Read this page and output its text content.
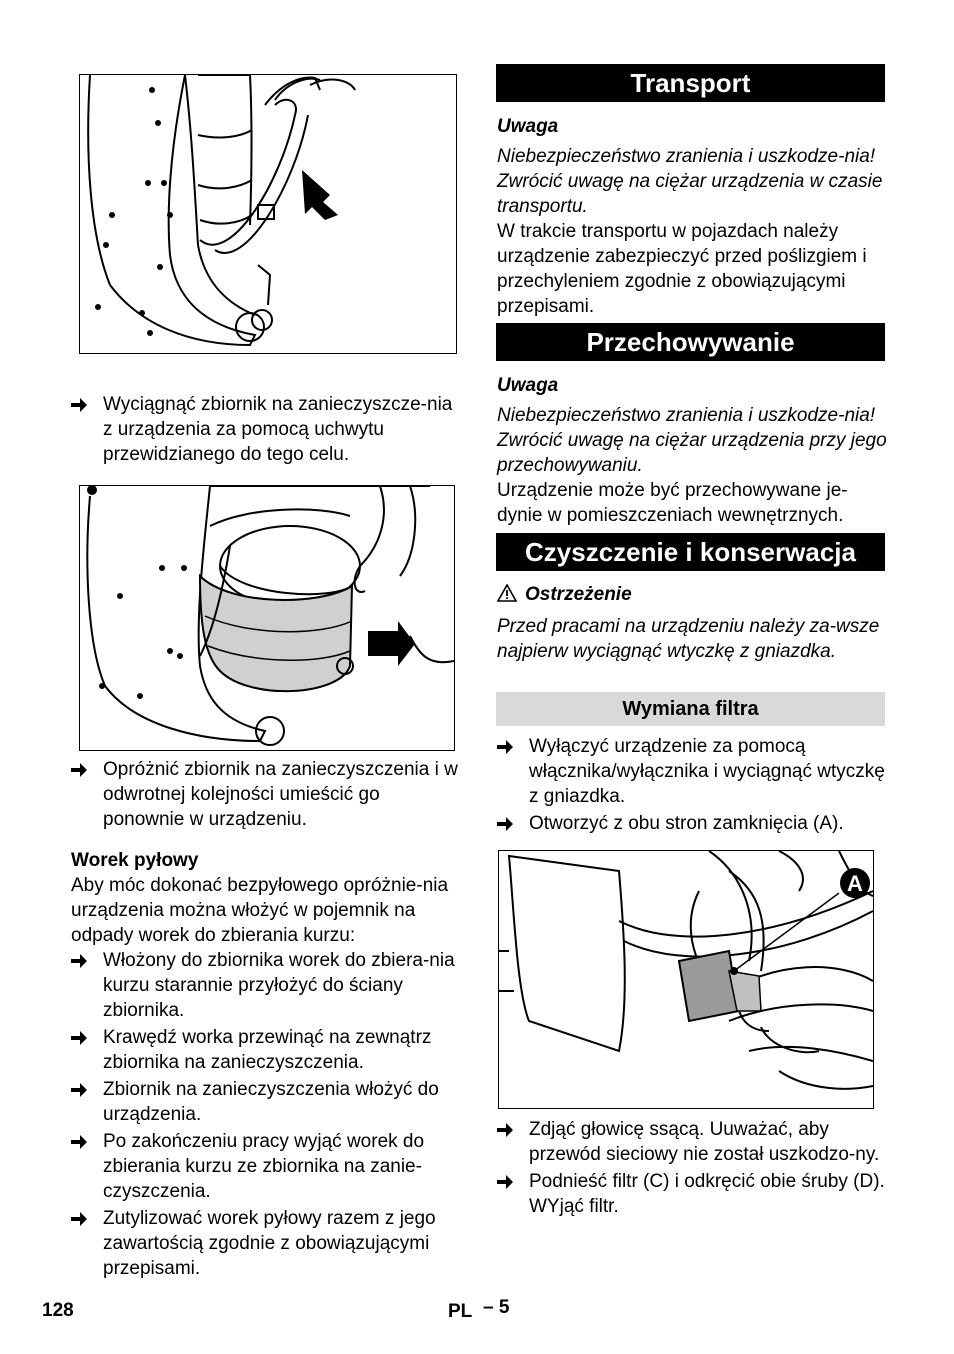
Wyciągnąć zbiornik na zanieczyszcze-nia z urządzenia za pomocą uchwytu przewidzianego do tego celu.
Opróżnić zbiornik na zanieczyszczenia i w odwrotnej kolejności umieścić go ponownie w urządzeniu.

Worek pyłowy

Aby móc dokonać bezpyłowego opróżnie-nia urządzenia można włożyć w pojemnik na odpady worek do zbierania kurzu:

Włożony do zbiornika worek do zbiera-nia kurzu starannie przyłożyć do ściany zbiornika.
Krawędź worka przewinąć na zewnątrz zbiornika na zanieczyszczenia.
Zbiornik na zanieczyszczenia włożyć do urządzenia.
Po zakończeniu pracy wyjąć worek do zbierania kurzu ze zbiornika na zanie-czyszczenia.
Zutylizować worek pyłowy razem z jego zawartością zgodnie z obowiązującymi przepisami.
Transport

Uwaga

Niebezpieczeństwo zranienia i uszkodze-nia! Zwrócić uwagę na ciężar urządzenia w czasie transportu.

W trakcie transportu w pojazdach należy urządzenie zabezpieczyć przed poślizgiem i przechyleniem zgodnie z obowiązującymi przepisami.

Przechowywanie

Uwaga

Niebezpieczeństwo zranienia i uszkodze-nia! Zwrócić uwagę na ciężar urządzenia przy jego przechowywaniu.

Urządzenie może być przechowywane je-dynie w pomieszczeniach wewnętrznych.

Czyszczenie i konserwacja

Ostrzeżenie

Przed pracami na urządzeniu należy za-wsze najpierw wyciągnąć wtyczkę z gniazdka.

Wymiana filtra
Wyłączyć urządzenie za pomocą włącznika/wyłącznika i wyciągnąć wtyczkę z gniazdka.
Otworzyć z obu stron zamknięcia (A).
A
Zdjąć głowicę ssącą. Uuważać, aby przewód sieciowy nie został uszkodzo-ny.
Podnieść filtr (C) i odkręcić obie śruby (D). WYjąć filtr.
128	PL – 5
